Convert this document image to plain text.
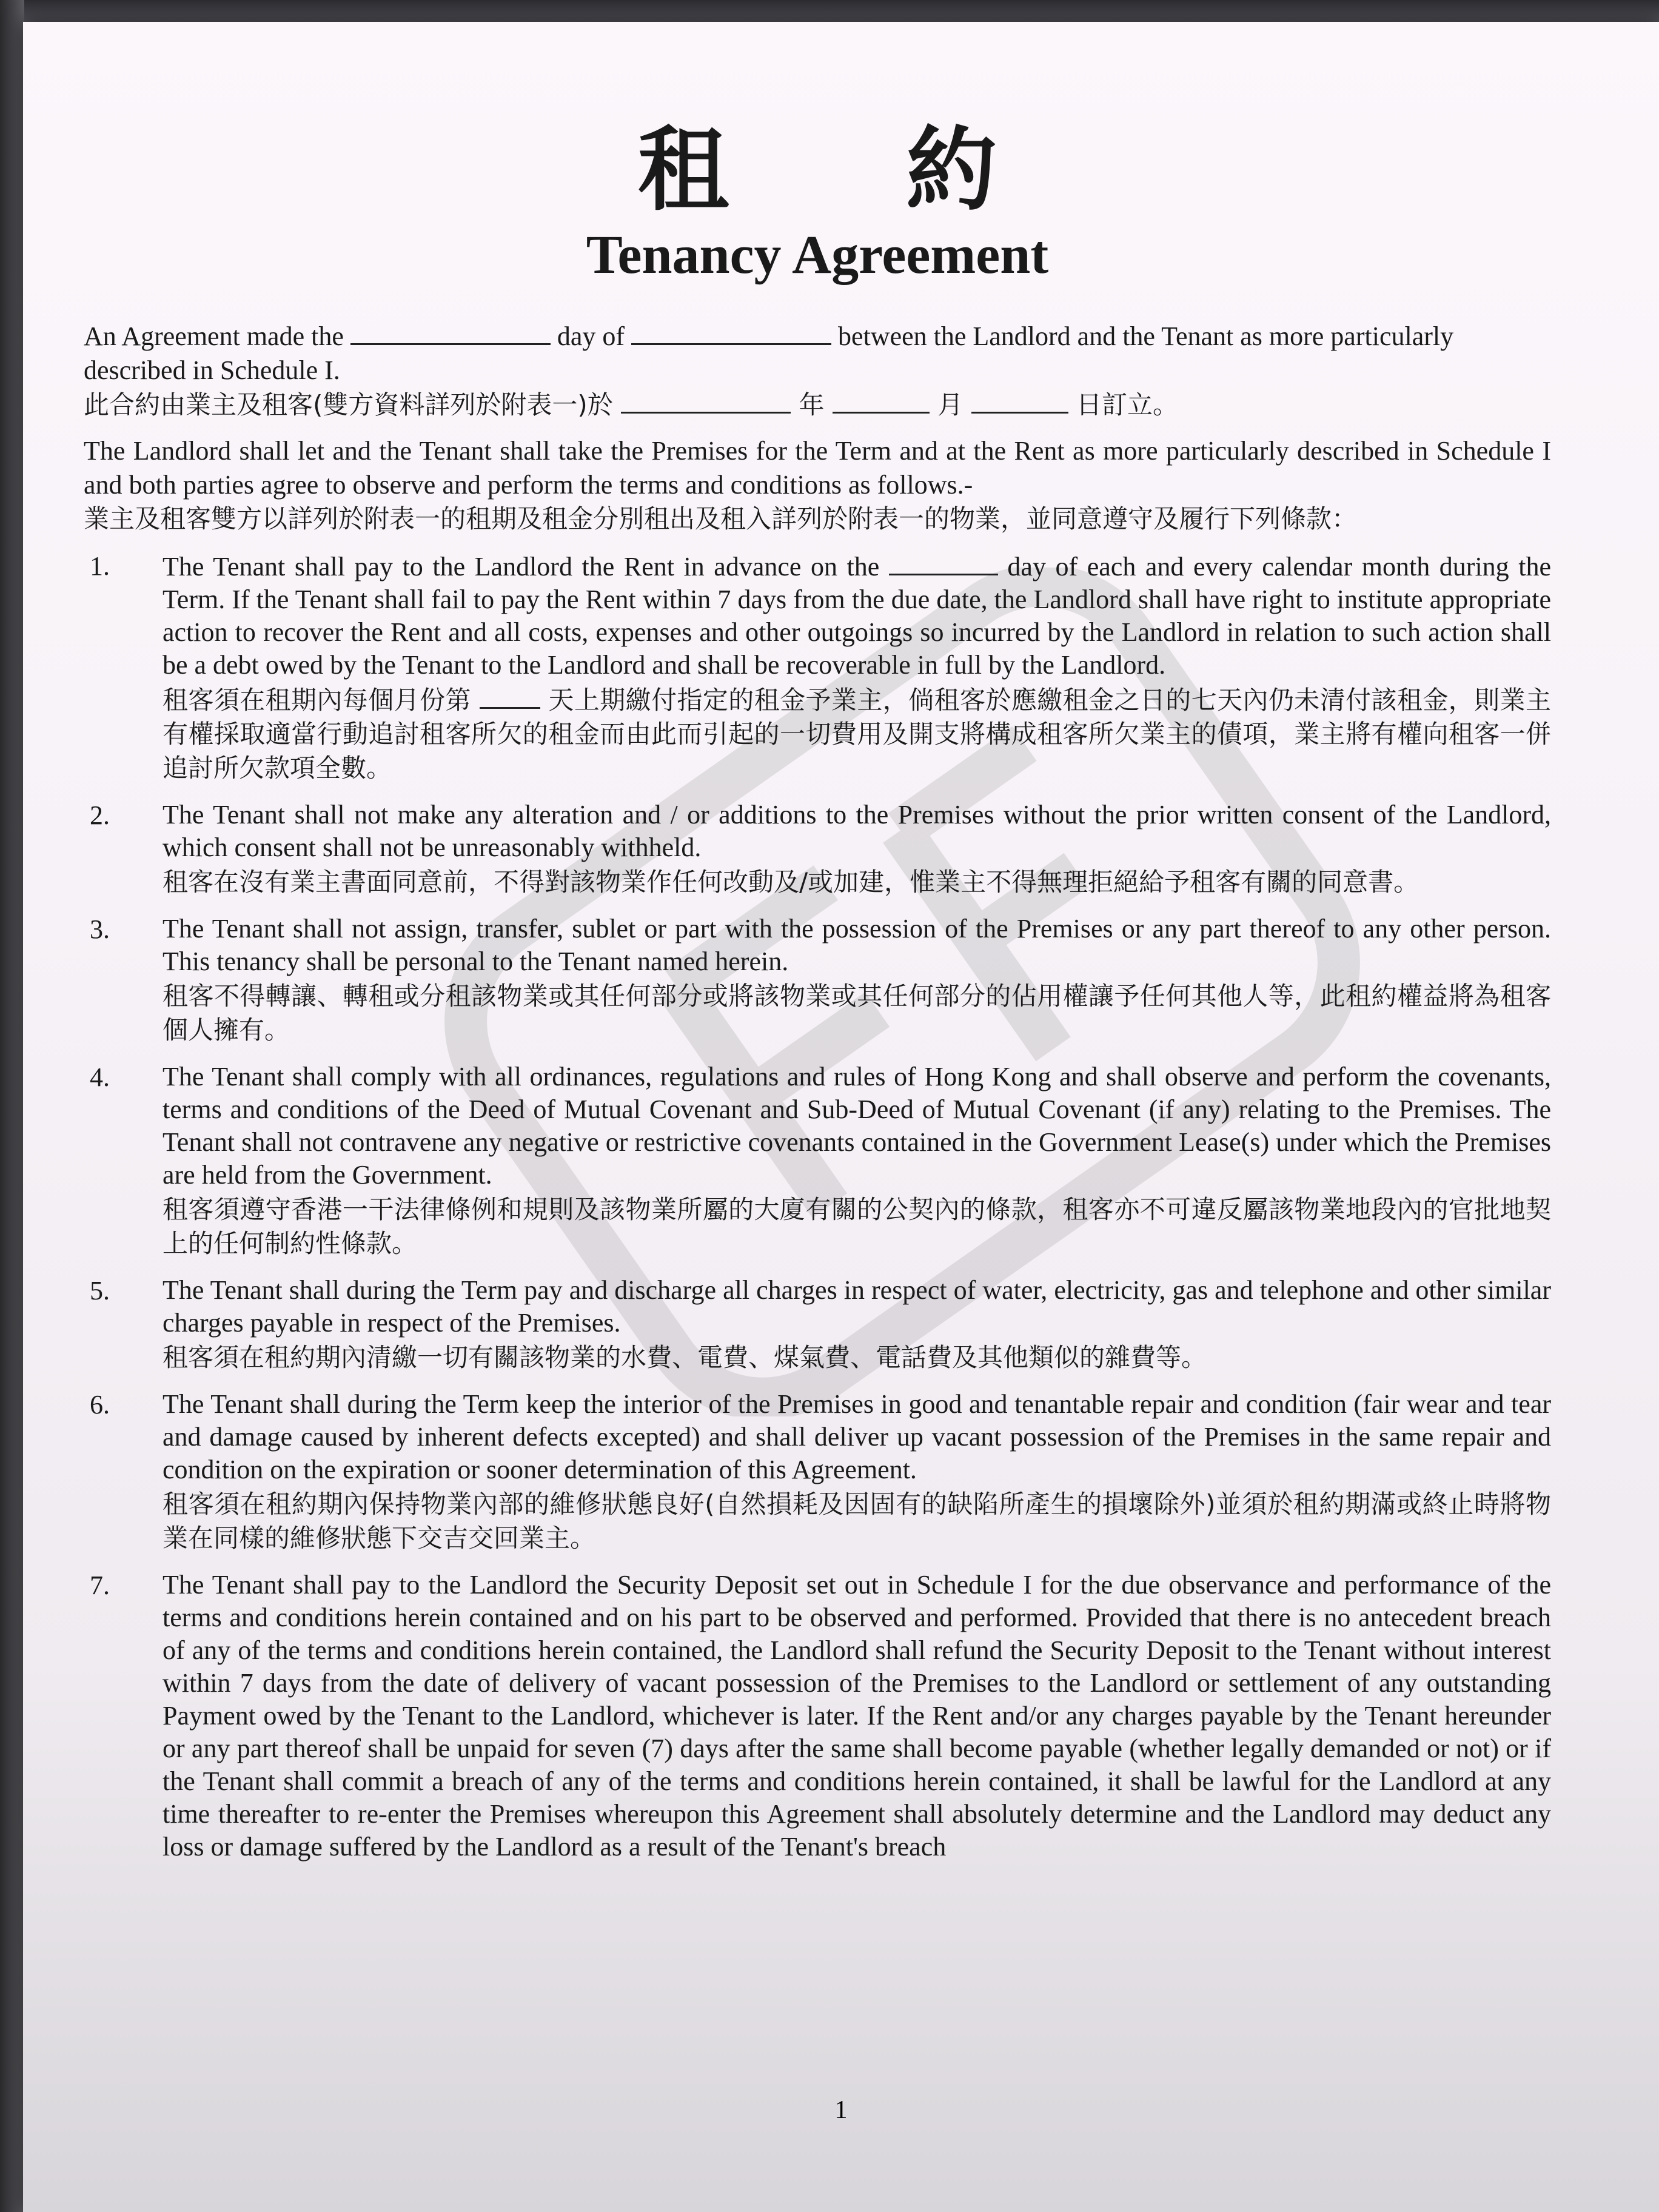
租 約
Tenancy Agreement
An Agreement made the	day of	between the Landlord and the Tenant as more particularly described in Schedule I.
此合約由業主及租客(雙方資料詳列於附表一)於	年	月	日訂立。
The Landlord shall let and the Tenant shall take the Premises for the Term and at the Rent as more particularly described in Schedule I and both parties agree to observe and perform the terms and conditions as follows.-
業主及租客雙方以詳列於附表一的租期及租金分別租出及租入詳列於附表一的物業，並同意遵守及履行下列條款：
1.	The Tenant shall pay to the Landlord the Rent in advance on the	day of each and every calendar month during the Term. If the Tenant shall fail to pay the Rent within 7 days from the due date, the Landlord shall have right to institute appropriate action to recover the Rent and all costs, expenses and other outgoings so incurred by the Landlord in relation to such action shall be a debt owed by the Tenant to the Landlord and shall be recoverable in full by the Landlord.
租客須在租期內每個月份第	天上期繳付指定的租金予業主，倘租客於應繳租金之日的七天內仍未清付該租金，則業主有權採取適當行動追討租客所欠的租金而由此而引起的一切費用及開支將構成租客所欠業主的債項，業主將有權向租客一併追討所欠款項全數。
2.	The Tenant shall not make any alteration and / or additions to the Premises without the prior written consent of the Landlord, which consent shall not be unreasonably withheld.
租客在沒有業主書面同意前，不得對該物業作任何改動及/或加建，惟業主不得無理拒絕給予租客有關的同意書。
3.	The Tenant shall not assign, transfer, sublet or part with the possession of the Premises or any part thereof to any other person. This tenancy shall be personal to the Tenant named herein.
租客不得轉讓、轉租或分租該物業或其任何部分或將該物業或其任何部分的佔用權讓予任何其他人等，此租約權益將為租客個人擁有。
4.	The Tenant shall comply with all ordinances, regulations and rules of Hong Kong and shall observe and perform the covenants, terms and conditions of the Deed of Mutual Covenant and Sub-Deed of Mutual Covenant (if any) relating to the Premises. The Tenant shall not contravene any negative or restrictive covenants contained in the Government Lease(s) under which the Premises are held from the Government.
租客須遵守香港一干法律條例和規則及該物業所屬的大廈有關的公契內的條款，租客亦不可違反屬該物業地段內的官批地契上的任何制約性條款。
5.	The Tenant shall during the Term pay and discharge all charges in respect of water, electricity, gas and telephone and other similar charges payable in respect of the Premises.
租客須在租約期內清繳一切有關該物業的水費、電費、煤氣費、電話費及其他類似的雜費等。
6.	The Tenant shall during the Term keep the interior of the Premises in good and tenantable repair and condition (fair wear and tear and damage caused by inherent defects excepted) and shall deliver up vacant possession of the Premises in the same repair and condition on the expiration or sooner determination of this Agreement.
租客須在租約期內保持物業內部的維修狀態良好(自然損耗及因固有的缺陷所產生的損壞除外)並須於租約期滿或終止時將物業在同樣的維修狀態下交吉交回業主。
7.	The Tenant shall pay to the Landlord the Security Deposit set out in Schedule I for the due observance and performance of the terms and conditions herein contained and on his part to be observed and performed. Provided that there is no antecedent breach of any of the terms and conditions herein contained, the Landlord shall refund the Security Deposit to the Tenant without interest within 7 days from the date of delivery of vacant possession of the Premises to the Landlord or settlement of any outstanding Payment owed by the Tenant to the Landlord, whichever is later. If the Rent and/or any charges payable by the Tenant hereunder or any part thereof shall be unpaid for seven (7) days after the same shall become payable (whether legally demanded or not) or if the Tenant shall commit a breach of any of the terms and conditions herein contained, it shall be lawful for the Landlord at any time thereafter to re-enter the Premises whereupon this Agreement shall absolutely determine and the Landlord may deduct any loss or damage suffered by the Landlord as a result of the Tenant's breach
1
